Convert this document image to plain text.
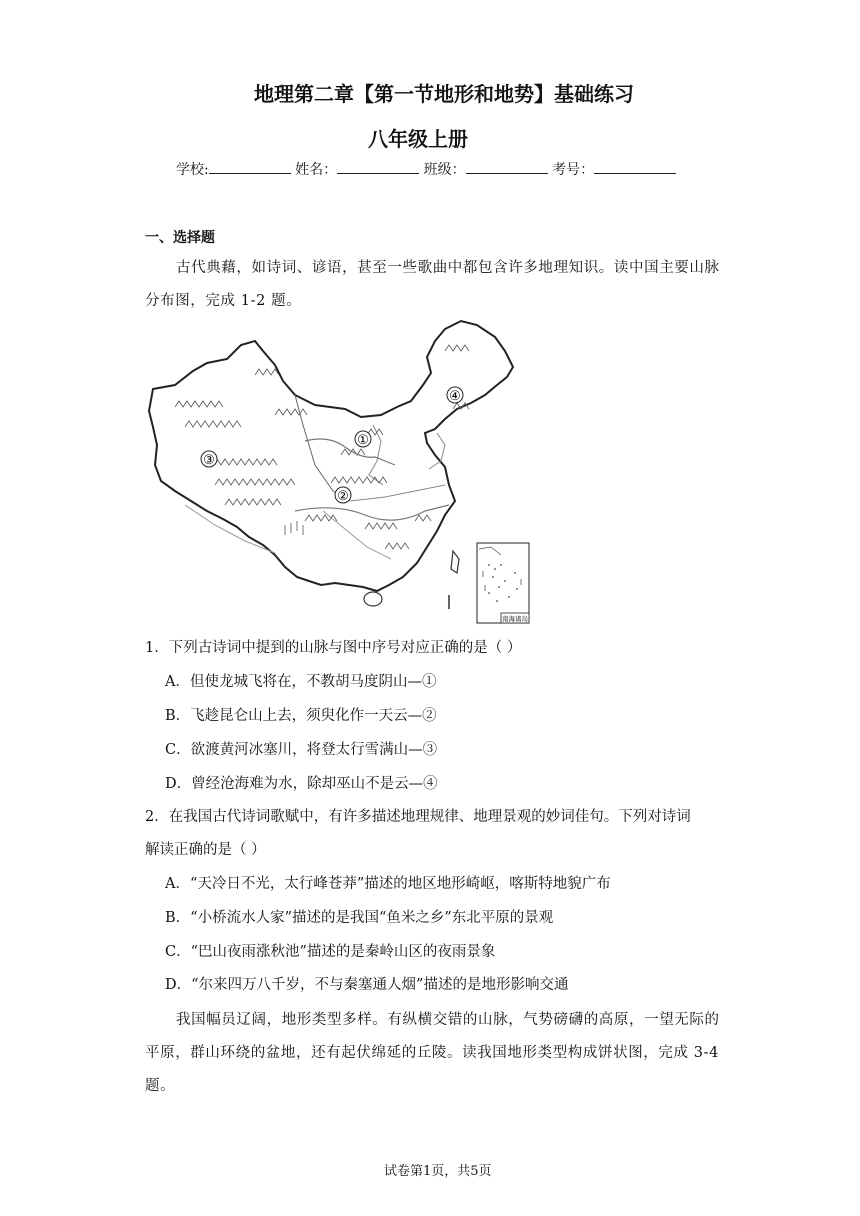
地理第二章【第一节地形和地势】基础练习
八年级上册
学校:	姓名：	班级：	考号：
一、选择题
古代典藉，如诗词、谚语，甚至一些歌曲中都包含许多地理知识。读中国主要山脉
分布图，完成 1-2 题。
①
②
③
④
南海诸岛
1．下列古诗词中提到的山脉与图中序号对应正确的是（ ）
A．但使龙城飞将在，不教胡马度阴山—①
B．飞趁昆仑山上去，须臾化作一天云—②
C．欲渡黄河冰塞川，将登太行雪满山—③
D．曾经沧海难为水，除却巫山不是云—④
2．在我国古代诗词歌赋中，有许多描述地理规律、地理景观的妙词佳句。下列对诗词
解读正确的是（ ）
A．“天冷日不光，太行峰苍莽”描述的地区地形崎岖，喀斯特地貌广布
B．“小桥流水人家”描述的是我国“鱼米之乡”东北平原的景观
C．“巴山夜雨涨秋池”描述的是秦岭山区的夜雨景象
D．“尔来四万八千岁，不与秦塞通人烟”描述的是地形影响交通
我国幅员辽阔，地形类型多样。有纵横交错的山脉，气势磅礴的高原，一望无际的
平原，群山环绕的盆地，还有起伏绵延的丘陵。读我国地形类型构成饼状图，完成 3-4
题。
试卷第1页，共5页
